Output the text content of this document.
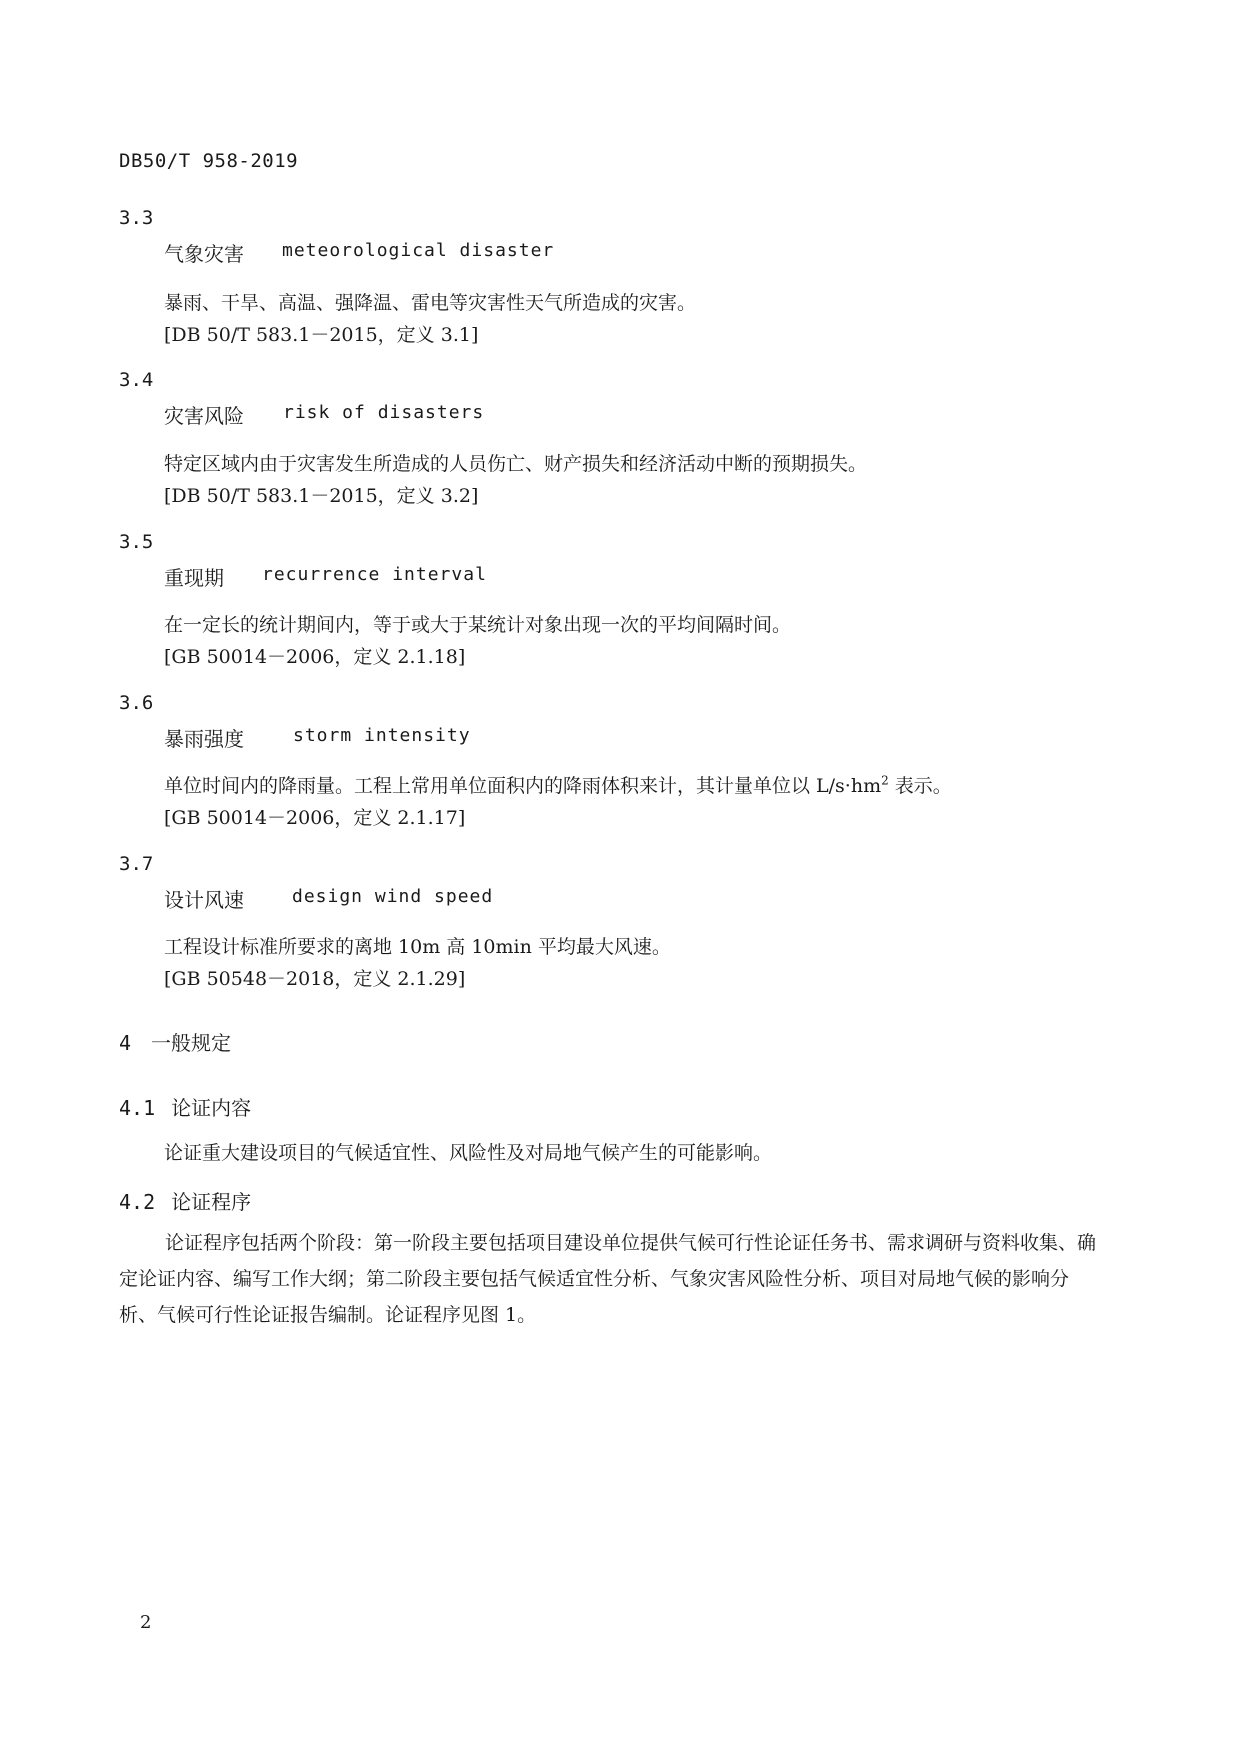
DB50/T 958-2019
3.3
气象灾害 meteorological disaster
暴雨、干旱、高温、强降温、雷电等灾害性天气所造成的灾害。
[DB 50/T 583.1－2015，定义 3.1]
3.4
灾害风险 risk of disasters
特定区域内由于灾害发生所造成的人员伤亡、财产损失和经济活动中断的预期损失。
[DB 50/T 583.1－2015，定义 3.2]
3.5
重现期 recurrence interval
在一定长的统计期间内，等于或大于某统计对象出现一次的平均间隔时间。
[GB 50014－2006，定义 2.1.18]
3.6
暴雨强度	storm intensity
单位时间内的降雨量。工程上常用单位面积内的降雨体积来计，其计量单位以 $L/s\cdot hm^2$ 表示。
[GB 50014－2006，定义 2.1.17]
3.7
设计风速	design wind speed
工程设计标准所要求的离地 10m 高 10min 平均最大风速。
[GB 50548－2018，定义 2.1.29]
4 一般规定
4.1 论证内容
论证重大建设项目的气候适宜性、风险性及对局地气候产生的可能影响。
4.2 论证程序
论证程序包括两个阶段：第一阶段主要包括项目建设单位提供气候可行性论证任务书、需求调研与资料收集、确定论证内容、编写工作大纲；第二阶段主要包括气候适宜性分析、气象灾害风险性分析、项目对局地气候的影响分析、气候可行性论证报告编制。论证程序见图 1。
2
